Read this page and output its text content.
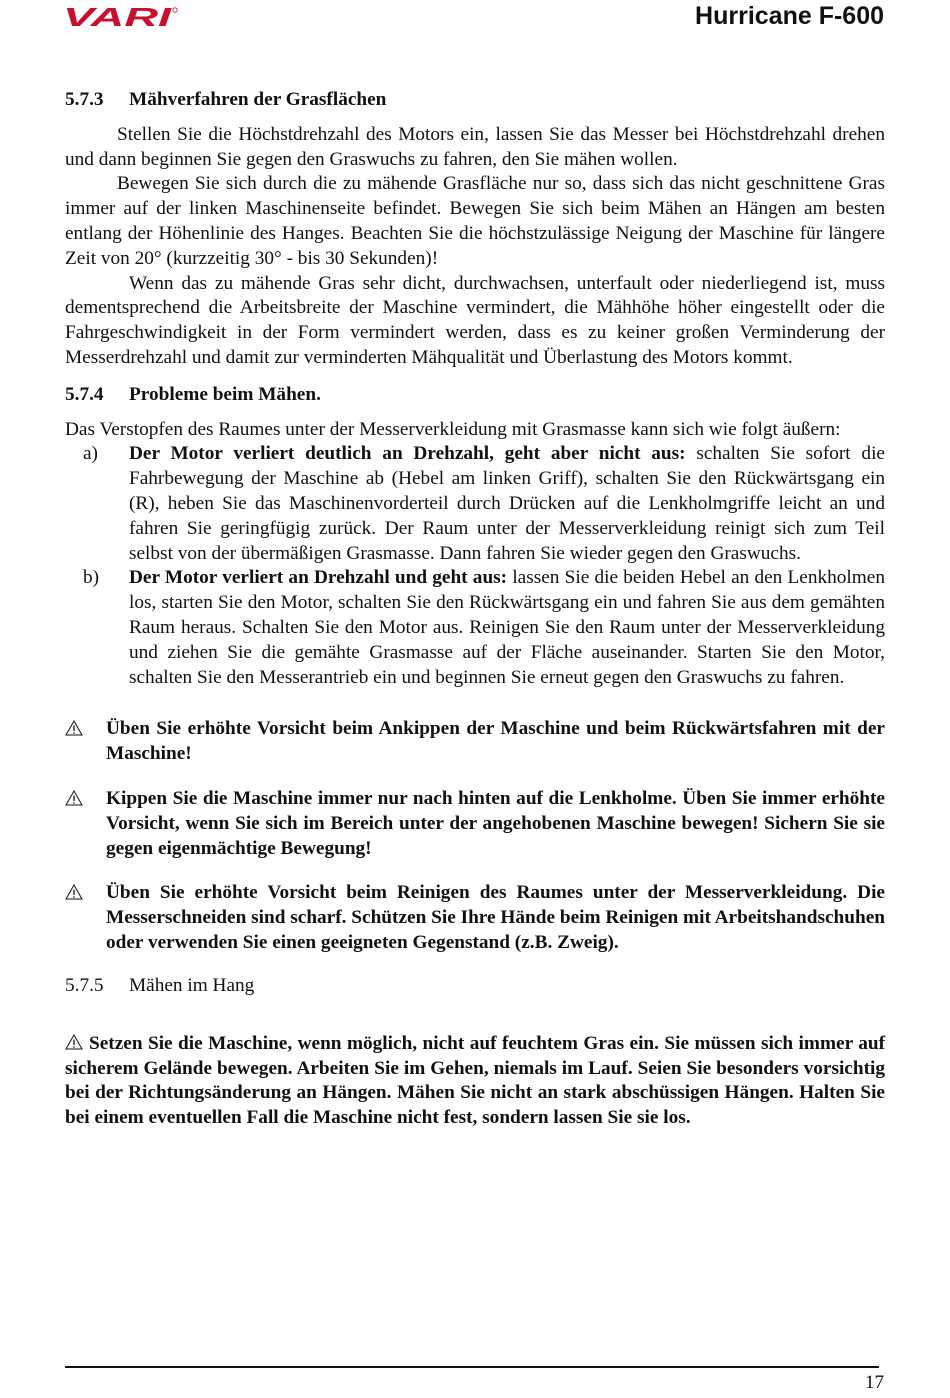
VARI	Hurricane F-600

5.7.3 Mähverfahren der Grasflächen

Stellen Sie die Höchstdrehzahl des Motors ein, lassen Sie das Messer bei Höchstdrehzahl drehen und dann beginnen Sie gegen den Graswuchs zu fahren, den Sie mähen wollen.

Bewegen Sie sich durch die zu mähende Grasfläche nur so, dass sich das nicht geschnittene Gras immer auf der linken Maschinenseite befindet. Bewegen Sie sich beim Mähen an Hängen am besten entlang der Höhenlinie des Hanges. Beachten Sie die höchstzulässige Neigung der Maschine für längere Zeit von 20° (kurzzeitig 30° - bis 30 Sekunden)!

Wenn das zu mähende Gras sehr dicht, durchwachsen, unterfault oder niederliegend ist, muss dementsprechend die Arbeitsbreite der Maschine vermindert, die Mähhöhe höher eingestellt oder die Fahrgeschwindigkeit in der Form vermindert werden, dass es zu keiner großen Verminderung der Messerdrehzahl und damit zur verminderten Mähqualität und Überlastung des Motors kommt.

5.7.4 Probleme beim Mähen.

Das Verstopfen des Raumes unter der Messerverkleidung mit Grasmasse kann sich wie folgt äußern:

a) Der Motor verliert deutlich an Drehzahl, geht aber nicht aus: schalten Sie sofort die Fahrbewegung der Maschine ab (Hebel am linken Griff), schalten Sie den Rückwärtsgang ein (R), heben Sie das Maschinenvorderteil durch Drücken auf die Lenkholmgriffe leicht an und fahren Sie geringfügig zurück. Der Raum unter der Messerverkleidung reinigt sich zum Teil selbst von der übermäßigen Grasmasse. Dann fahren Sie wieder gegen den Graswuchs.
b) Der Motor verliert an Drehzahl und geht aus: lassen Sie die beiden Hebel an den Lenkholmen los, starten Sie den Motor, schalten Sie den Rückwärtsgang ein und fahren Sie aus dem gemähten Raum heraus. Schalten Sie den Motor aus. Reinigen Sie den Raum unter der Messerverkleidung und ziehen Sie die gemähte Grasmasse auf der Fläche auseinander. Starten Sie den Motor, schalten Sie den Messerantrieb ein und beginnen Sie erneut gegen den Graswuchs zu fahren.
Üben Sie erhöhte Vorsicht beim Ankippen der Maschine und beim Rückwärtsfahren mit der Maschine!
Kippen Sie die Maschine immer nur nach hinten auf die Lenkholme. Üben Sie immer erhöhte Vorsicht, wenn Sie sich im Bereich unter der angehobenen Maschine bewegen! Sichern Sie sie gegen eigenmächtige Bewegung!
Üben Sie erhöhte Vorsicht beim Reinigen des Raumes unter der Messerverkleidung. Die Messerschneiden sind scharf. Schützen Sie Ihre Hände beim Reinigen mit Arbeitshandschuhen oder verwenden Sie einen geeigneten Gegenstand (z.B. Zweig).

5.7.5 Mähen im Hang

Setzen Sie die Maschine, wenn möglich, nicht auf feuchtem Gras ein. Sie müssen sich immer auf sicherem Gelände bewegen. Arbeiten Sie im Gehen, niemals im Lauf. Seien Sie besonders vorsichtig bei der Richtungsänderung an Hängen. Mähen Sie nicht an stark abschüssigen Hängen. Halten Sie bei einem eventuellen Fall die Maschine nicht fest, sondern lassen Sie sie los.

17
